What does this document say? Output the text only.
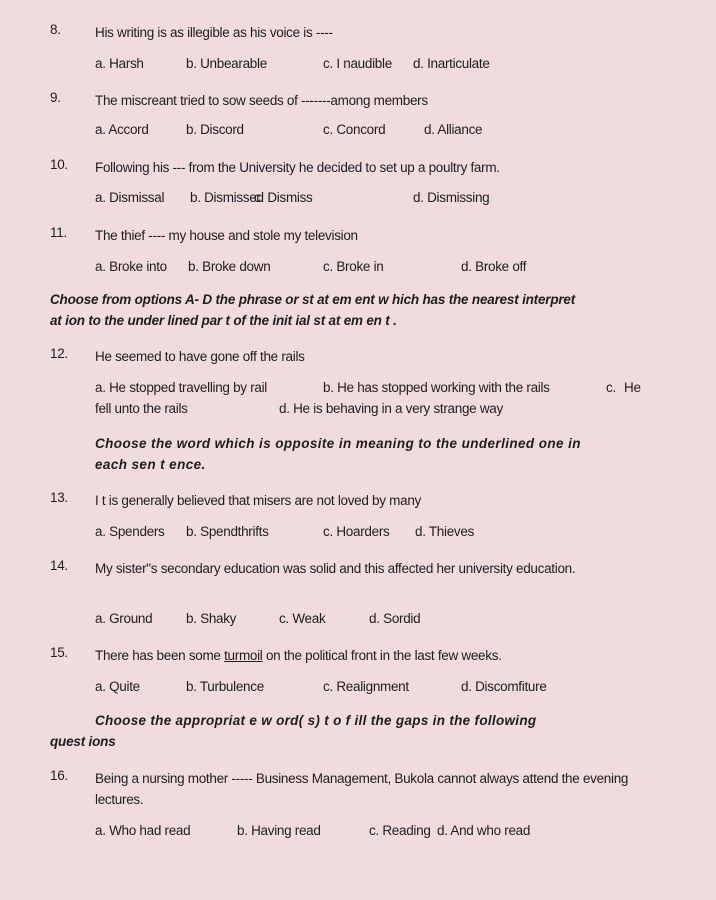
8.	His writing is as illegible as his voice is ----
a. Harsh	b. Unbearable	c. I naudible d. Inarticulate
9.	The miscreant tried to sow seeds of -------among members
a. Accord	b. Discord	c. Concord	d. Alliance
10.	Following his --- from the University he decided to set up a poultry farm.
a. Dismissal b. Dismissed
c. Dismiss	d. Dismissing
11.	The thief ---- my house and stole my television
a. Broke into b. Broke down	c. Broke in	d. Broke off
Choose from options A- D the phrase or st at em ent w hich has the nearest interpret
at ion to the under lined par t of the init ial st at em en t .
12.	He seemed to have gone off the rails
a. He stopped travelling by rail	b. He has stopped working with the rails	c. He
fell unto the rails	d. He is behaving in a very strange way
Choose the word which is opposite in meaning to the underlined one in
each sen t ence.
13.	I t is generally believed that misers are not loved by many
a. Spenders b. Spendthrifts	c. Hoarders d. Thieves
14.	My sister"s secondary education was solid and this affected her university education.
a. Ground b. Shaky	c. Weak	d. Sordid
15.	There has been some turmoil on the political front in the last few weeks.
a. Quite	b. Turbulence	c. Realignment	d. Discomfiture
Choose the appropriat e w ord( s) t o f ill the gaps in the following
quest ions
16.	Being a nursing mother ----- Business Management, Bukola cannot always attend the evening lectures.
a. Who had read	b. Having read	c. Reading d. And who read
